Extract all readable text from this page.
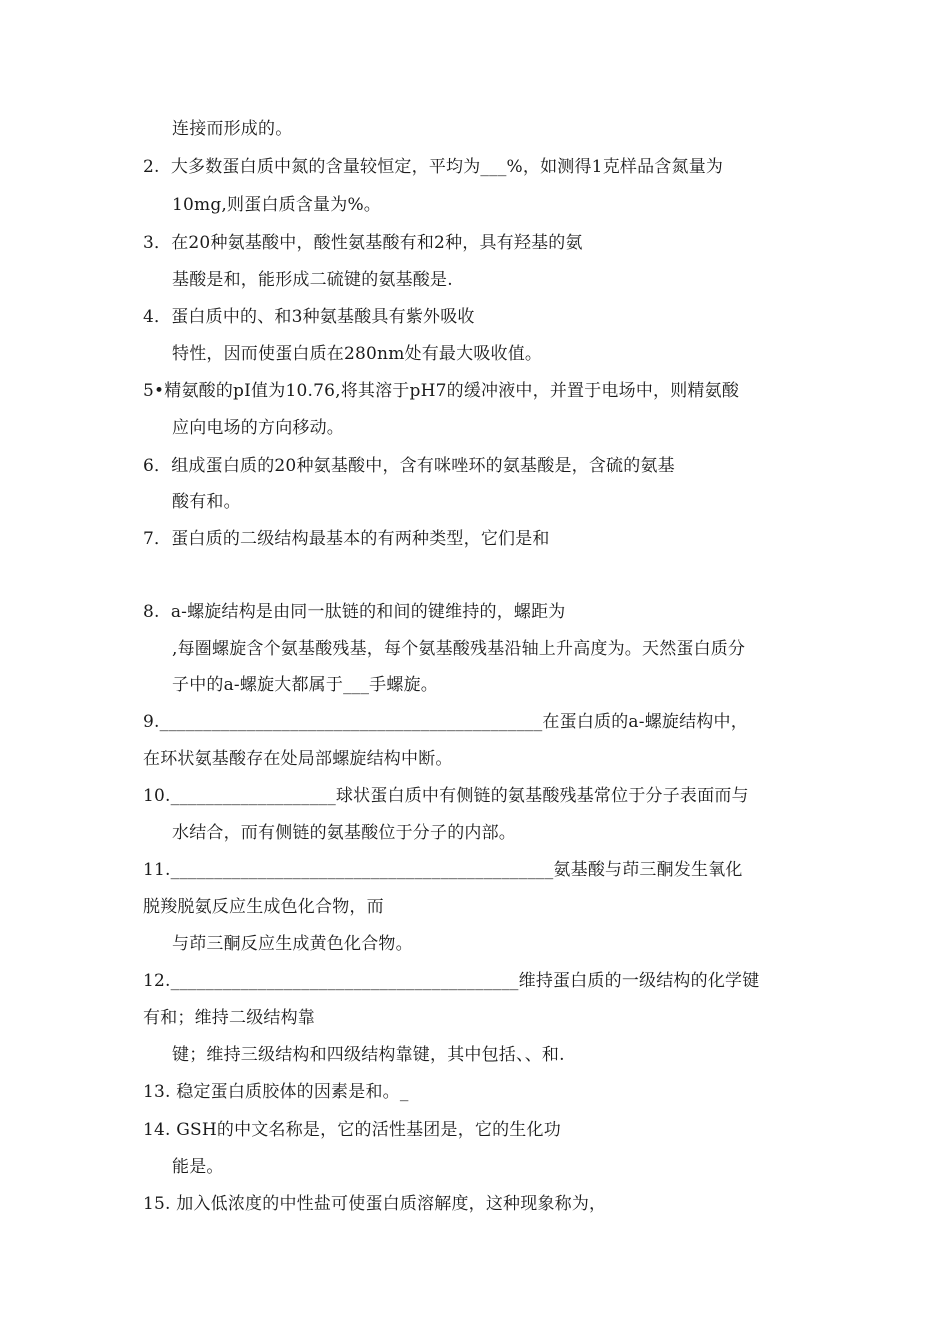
连接而形成的。
2.  大多数蛋白质中氮的含量较恒定，平均为___%，如测得1克样品含氮量为
10mg,则蛋白质含量为%。
3．在20种氨基酸中，酸性氨基酸有和2种，具有羟基的氨
基酸是和，能形成二硫键的氨基酸是.
4．蛋白质中的、和3种氨基酸具有紫外吸收
特性，因而使蛋白质在280nm处有最大吸收值。
5•精氨酸的pI值为10.76,将其溶于pH7的缓冲液中，并置于电场中，则精氨酸
应向电场的方向移动。
6．组成蛋白质的20种氨基酸中，含有咪唑环的氨基酸是，含硫的氨基
酸有和。
7．蛋白质的二级结构最基本的有两种类型，它们是和
8.  a-螺旋结构是由同一肽链的和间的键维持的，螺距为
,每圈螺旋含个氨基酸残基，每个氨基酸残基沿轴上升高度为。天然蛋白质分
子中的a-螺旋大都属于___手螺旋。
9.____________________________________________在蛋白质的a-螺旋结构中，
在环状氨基酸存在处局部螺旋结构中断。
10.___________________球状蛋白质中有侧链的氨基酸残基常位于分子表面而与
水结合，而有侧链的氨基酸位于分子的内部。
11.____________________________________________氨基酸与茚三酮发生氧化
脱羧脱氨反应生成色化合物，而
与茚三酮反应生成黄色化合物。
12.________________________________________维持蛋白质的一级结构的化学键
有和；维持二级结构靠
键；维持三级结构和四级结构靠键，其中包括、、和.
13. 稳定蛋白质胶体的因素是和。_
14. GSH的中文名称是，它的活性基团是，它的生化功
能是。
15. 加入低浓度的中性盐可使蛋白质溶解度，这种现象称为，
